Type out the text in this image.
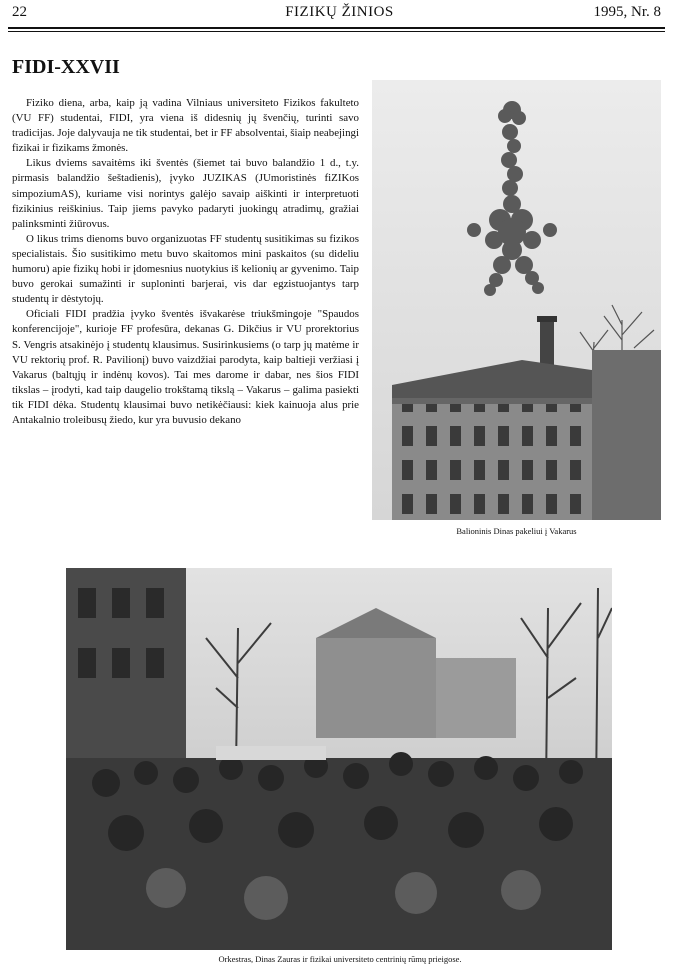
22	FIZIKŲ ŽINIOS	1995, Nr. 8
FIDI-XXVII

Fiziko diena, arba, kaip ją vadina Vilniaus universiteto Fizikos fakulteto (VU FF) studentai, FIDI, yra viena iš didesnių jų švenčių, turinti savo tradicijas. Joje dalyvauja ne tik studentai, bet ir FF absolventai, šiaip neabejingi fizikai ir fizikams žmonės.

Likus dviems savaitėms iki šventės (šiemet tai buvo balandžio 1 d., t.y. pirmasis balandžio šeštadienis), įvyko JUZIKAS (JUmoristinės fiZIKos simpoziumAS), kuriame visi norintys galėjo savaip aiškinti ir interpretuoti fizikinius reiškinius. Taip jiems pavyko padaryti juokingų atradimų, gražiai palinksminti žiūrovus.

O likus trims dienoms buvo organizuotas FF studentų susitikimas su fizikos specialistais. Šio susitikimo metu buvo skaitomos mini paskaitos (su dideliu humoru) apie fizikų hobi ir įdomesnius nuotykius iš kelionių ar gyvenimo. Taip buvo gerokai sumažinti ir suploninti barjerai, vis dar egzistuojantys tarp studentų ir dėstytojų.

Oficiali FIDI pradžia įvyko šventės išvakarėse triukšmingoje "Spaudos konferencijoje", kurioje FF profesūra, dekanas G. Dikčius ir VU prorektorius S. Vengris atsakinėjo į studentų klausimus. Susirinkusiems (o tarp jų matėme ir VU rektorių prof. R. Pavilionį) buvo vaizdžiai parodyta, kaip baltieji veržiasi į Vakarus (baltųjų ir indėnų kovos). Tai mes darome ir dabar, nes šios FIDI tikslas – įrodyti, kad taip daugelio trokštamą tikslą – Vakarus – galima pasiekti tik FIDI dėka. Studentų klausimai buvo netikėčiausi: kiek kainuoja alus prie Antakalnio troleibusų žiedo, kur yra buvusio dekano

Balioninis Dinas pakeliui į Vakarus
Orkestras, Dinas Zauras ir fizikai universiteto centrinių rūmų prieigose.
